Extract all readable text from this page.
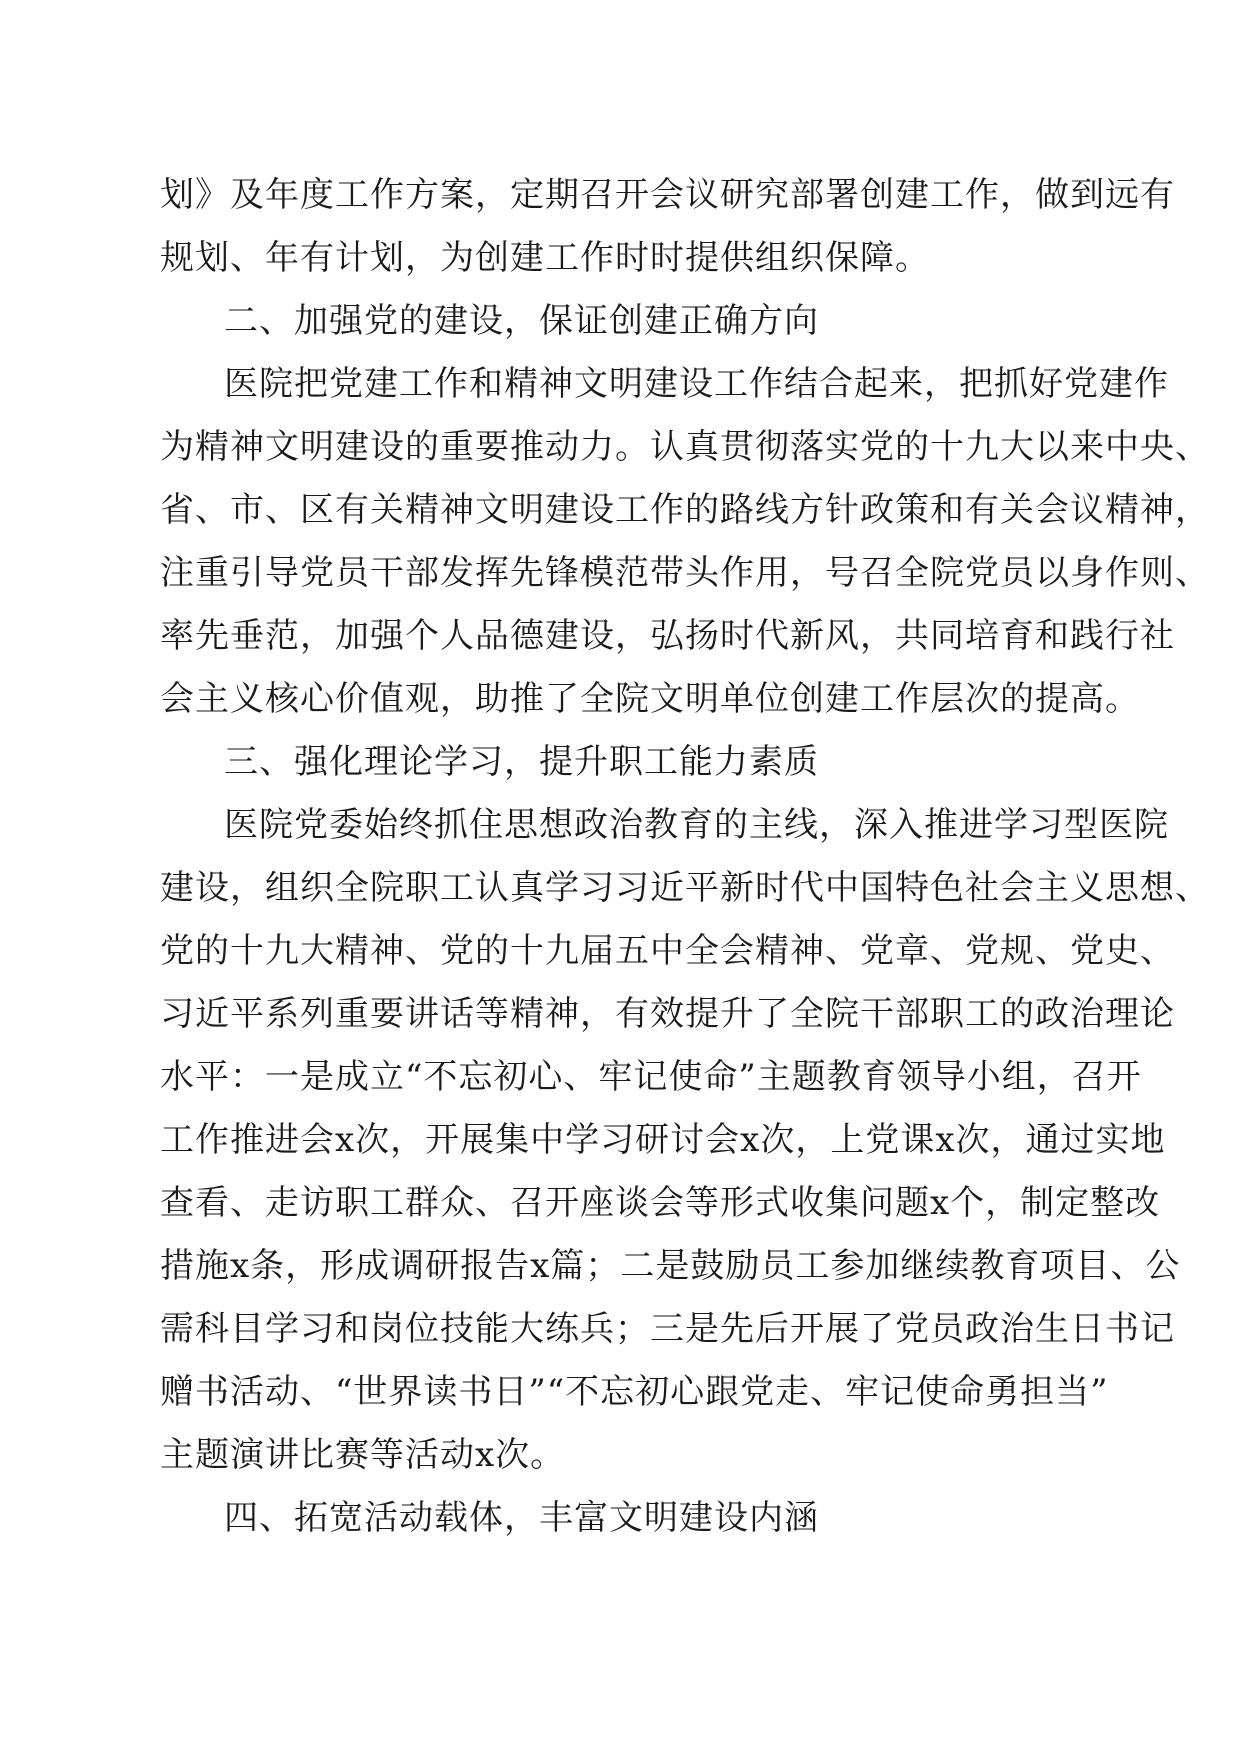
划》及年度工作方案，定期召开会议研究部署创建工作，做到远有
规划、年有计划，为创建工作时时提供组织保障。
二、加强党的建设，保证创建正确方向
医院把党建工作和精神文明建设工作结合起来，把抓好党建作
为精神文明建设的重要推动力。认真贯彻落实党的十九大以来中央、
省、市、区有关精神文明建设工作的路线方针政策和有关会议精神，
注重引导党员干部发挥先锋模范带头作用，号召全院党员以身作则、
率先垂范，加强个人品德建设，弘扬时代新风，共同培育和践行社
会主义核心价值观，助推了全院文明单位创建工作层次的提高。
三、强化理论学习，提升职工能力素质
医院党委始终抓住思想政治教育的主线，深入推进学习型医院
建设，组织全院职工认真学习习近平新时代中国特色社会主义思想、
党的十九大精神、党的十九届五中全会精神、党章、党规、党史、
习近平系列重要讲话等精神，有效提升了全院干部职工的政治理论
水平：一是成立“不忘初心、牢记使命”主题教育领导小组，召开
工作推进会x次，开展集中学习研讨会x次，上党课x次，通过实地
查看、走访职工群众、召开座谈会等形式收集问题x个，制定整改
措施x条，形成调研报告x篇；二是鼓励员工参加继续教育项目、公
需科目学习和岗位技能大练兵；三是先后开展了党员政治生日书记
赠书活动、“世界读书日”“不忘初心跟党走、牢记使命勇担当”
主题演讲比赛等活动x次。
四、拓宽活动载体，丰富文明建设内涵
